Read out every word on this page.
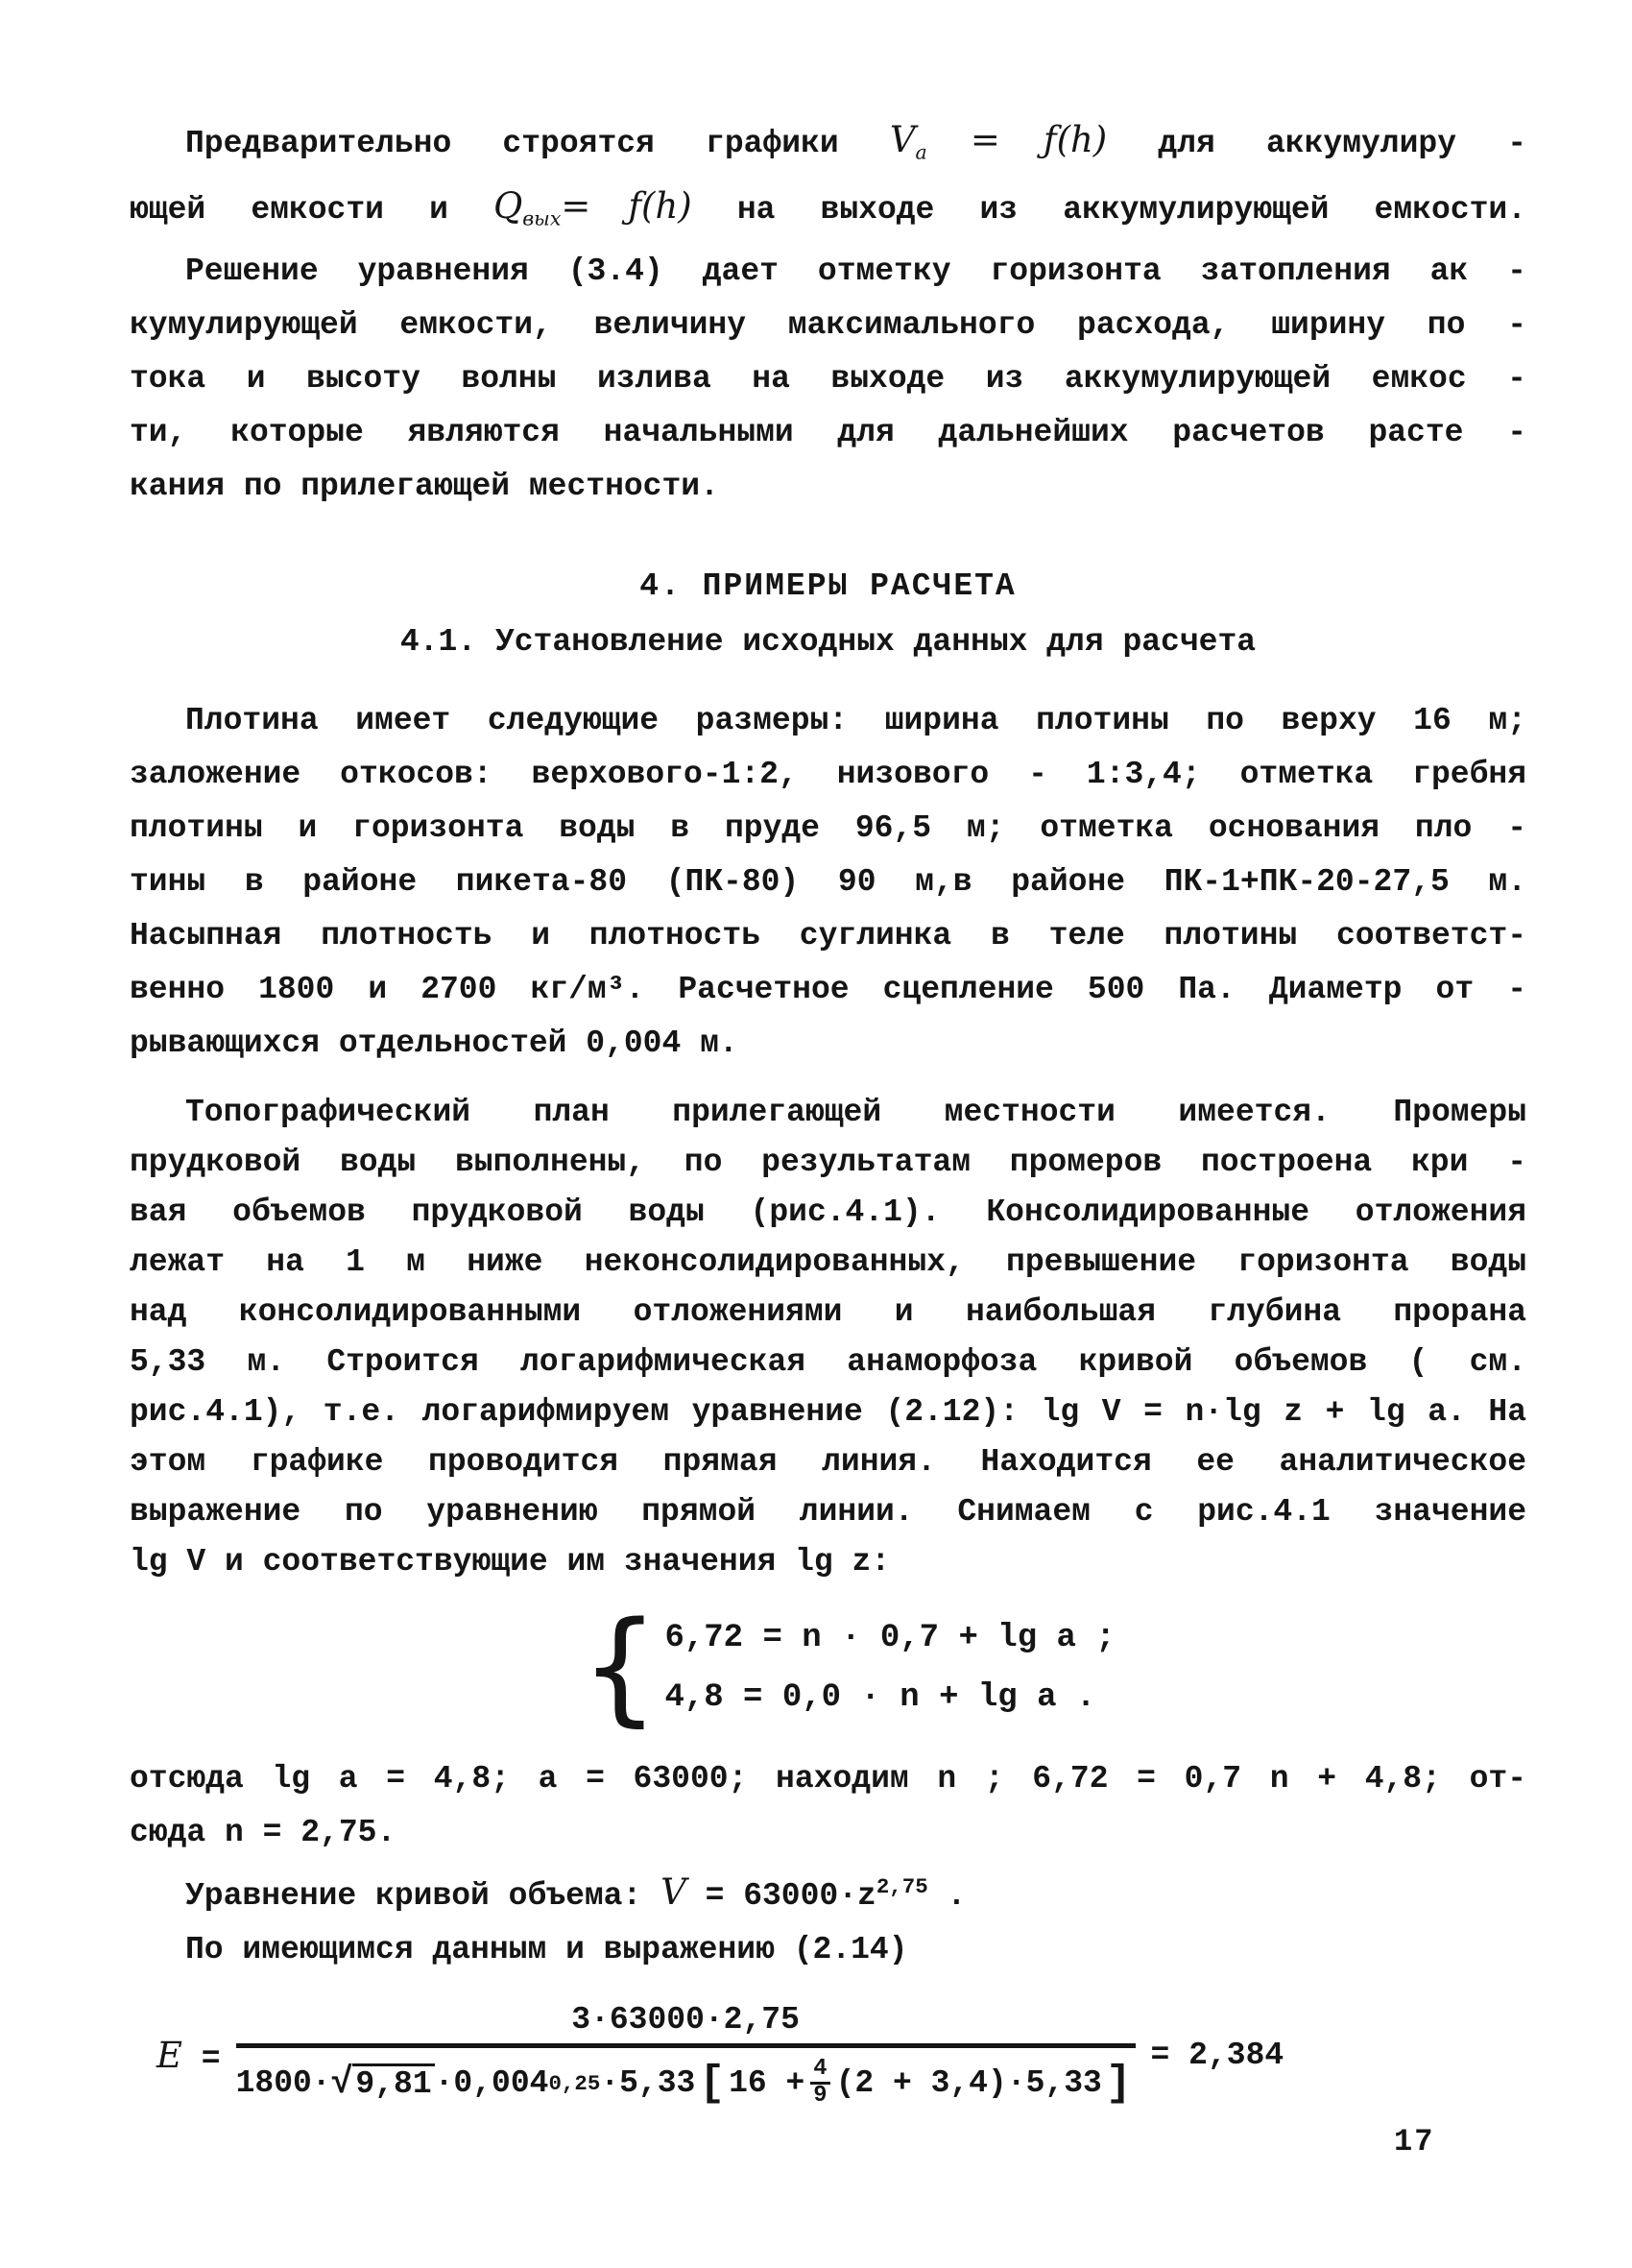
Предварительно строятся графики $V_a$ = ƒ(h) для аккумулиру -
ющей емкости и $Q_{вых}=$ ƒ(h) на выходе из аккумулирующей емкости.
Решение уравнения (3.4) дает отметку горизонта затопления ак -
кумулирующей емкости, величину максимального расхода, ширину по -
тока и высоту волны излива на выходе из аккумулирующей емкос -
ти, которые являются начальными для дальнейших расчетов расте -
кания по прилегающей местности.
4. ПРИМЕРЫ РАСЧЕТА
4.1. Установление исходных данных для расчета
Плотина имеет следующие размеры: ширина плотины по верху 16 м;
заложение откосов: верхового-1:2, низового - 1:3,4; отметка гребня
плотины и горизонта воды в пруде 96,5 м; отметка основания пло -
тины в районе пикета-80 (ПК-80) 90 м,в районе ПК-1+ПК-20-27,5 м.
Насыпная плотность и плотность суглинка в теле плотины соответст-
венно 1800 и 2700 кг/м³. Расчетное сцепление 500 Па. Диаметр от -
рывающихся отдельностей 0,004 м.
Топографический план прилегающей местности имеется. Промеры
прудковой воды выполнены, по результатам промеров построена кри -
вая объемов прудковой воды (рис.4.1). Консолидированные отложения
лежат на 1 м ниже неконсолидированных, превышение горизонта воды
над консолидированными отложениями и наибольшая глубина прорана
5,33 м. Строится логарифмическая анаморфоза кривой объемов ( см.
рис.4.1), т.е. логарифмируем уравнение (2.12): lg V = n·lg z + lg a. На
этом графике проводится прямая линия. Находится ее аналитическое
выражение по уравнению прямой линии. Снимаем с рис.4.1 значение
lg V и соответствующие им значения lg z:
{ 6,72 = n · 0,7 + lg a ;
4,8 = 0,0 · n + lg a .
отсюда lg a = 4,8; a = 63000; находим n ; 6,72 = 0,7 n + 4,8; от-
сюда n = 2,75.
Уравнение кривой объема: $V = 63000\cdot z^{2,75}$ .
По имеющимся данным и выражению (2.14)
E =
3·63000·2,75
1800· √9,81 ·0,004 0,25 ·5,33 [ $16 + \frac{4}{9} (2 + 3,4)\cdot 5,33$ ]
= 2,384
17
